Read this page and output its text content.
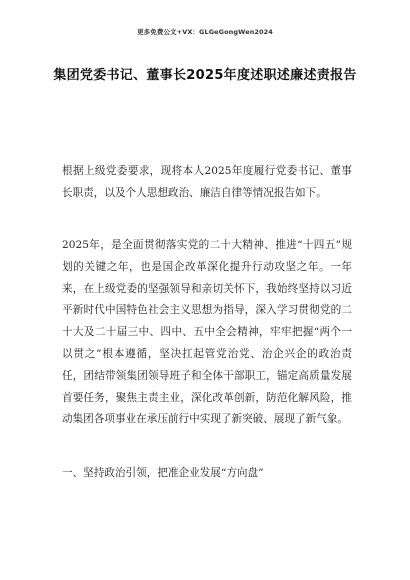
更多免费公文+VX：GLGeGongWen2024
集团党委书记、董事长2025年度述职述廉述责报告

根据上级党委要求，现将本人2025年度履行党委书记、董事长职责，以及个人思想政治、廉洁自律等情况报告如下。

2025年，是全面贯彻落实党的二十大精神、推进“十四五”规划的关键之年，也是国企改革深化提升行动攻坚之年。一年来，在上级党委的坚强领导和亲切关怀下，我始终坚持以习近平新时代中国特色社会主义思想为指导，深入学习贯彻党的二十大及二十届三中、四中、五中全会精神，牢牢把握“两个一以贯之”根本遵循，坚决扛起管党治党、治企兴企的政治责任，团结带领集团领导班子和全体干部职工，锚定高质量发展首要任务，聚焦主责主业，深化改革创新，防范化解风险，推动集团各项事业在承压前行中实现了新突破、展现了新气象。

一、坚持政治引领，把准企业发展“方向盘”
